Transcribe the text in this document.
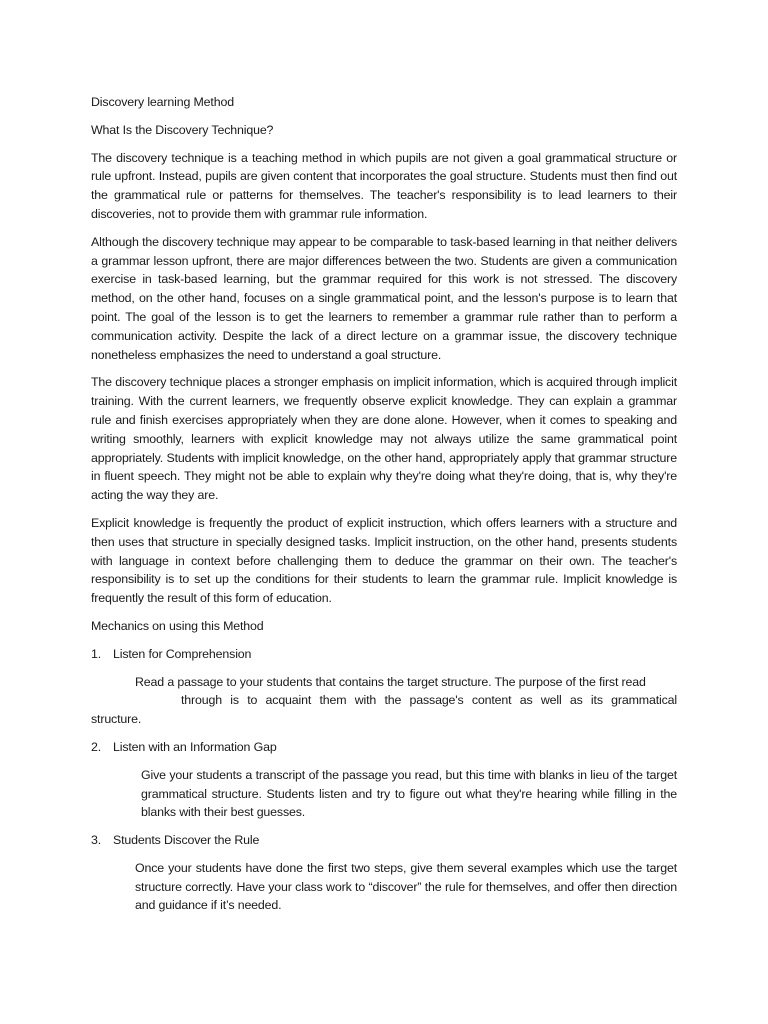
Discovery learning Method
What Is the Discovery Technique?

The discovery technique is a teaching method in which pupils are not given a goal grammatical structure or rule upfront. Instead, pupils are given content that incorporates the goal structure. Students must then find out the grammatical rule or patterns for themselves. The teacher's responsibility is to lead learners to their discoveries, not to provide them with grammar rule information.

Although the discovery technique may appear to be comparable to task-based learning in that neither delivers a grammar lesson upfront, there are major differences between the two. Students are given a communication exercise in task-based learning, but the grammar required for this work is not stressed. The discovery method, on the other hand, focuses on a single grammatical point, and the lesson's purpose is to learn that point. The goal of the lesson is to get the learners to remember a grammar rule rather than to perform a communication activity. Despite the lack of a direct lecture on a grammar issue, the discovery technique nonetheless emphasizes the need to understand a goal structure.

The discovery technique places a stronger emphasis on implicit information, which is acquired through implicit training. With the current learners, we frequently observe explicit knowledge. They can explain a grammar rule and finish exercises appropriately when they are done alone. However, when it comes to speaking and writing smoothly, learners with explicit knowledge may not always utilize the same grammatical point appropriately. Students with implicit knowledge, on the other hand, appropriately apply that grammar structure in fluent speech. They might not be able to explain why they're doing what they're doing, that is, why they're acting the way they are.

Explicit knowledge is frequently the product of explicit instruction, which offers learners with a structure and then uses that structure in specially designed tasks. Implicit instruction, on the other hand, presents students with language in context before challenging them to deduce the grammar on their own. The teacher's responsibility is to set up the conditions for their students to learn the grammar rule. Implicit knowledge is frequently the result of this form of education.

Mechanics on using this Method
1. Listen for Comprehension
Read a passage to your students that contains the target structure. The purpose of the first read
through is to acquaint them with the passage's content as well as its grammatical
structure.
2. Listen with an Information Gap

Give your students a transcript of the passage you read, but this time with blanks in lieu of the target grammatical structure. Students listen and try to figure out what they're hearing while filling in the blanks with their best guesses.

3. Students Discover the Rule

Once your students have done the first two steps, give them several examples which use the target structure correctly. Have your class work to “discover” the rule for themselves, and offer then direction and guidance if it’s needed.
